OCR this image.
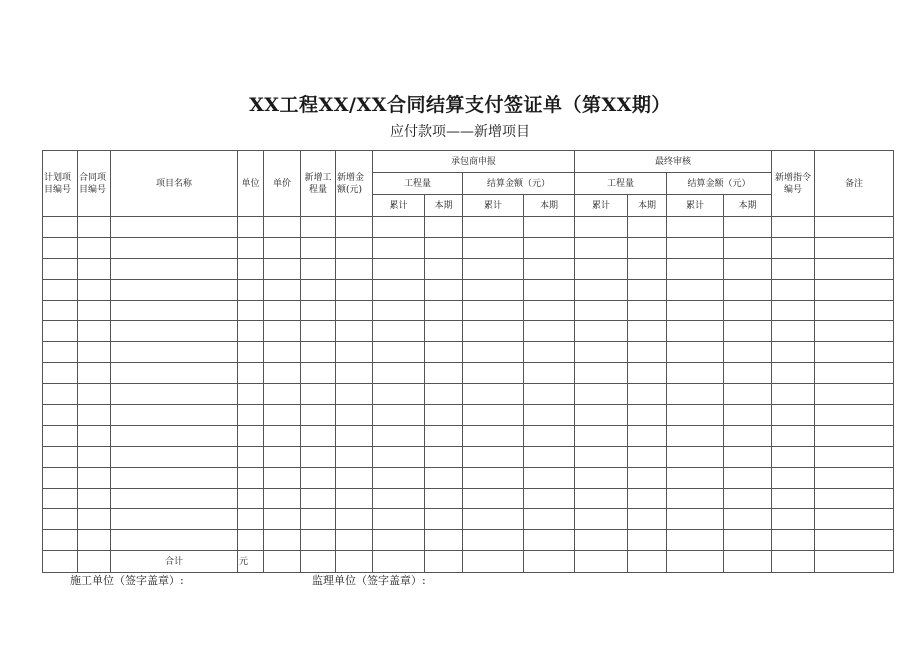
XX工程XX/XX合同结算支付签证单（第XX期）
应付款项——新增项目
计划项目编号	合同项目编号	项目名称	单位	单价	新增工程量	新增金额(元)	承包商申报				最终审核				新增指令编号	备注
							工程量		结算金额（元）		工程量		结算金额（元）			
							累计	本期	累计	本期	累计	本期	累计	本期		

		合计	元													
施工单位（签字盖章）:	监理单位（签字盖章）:
